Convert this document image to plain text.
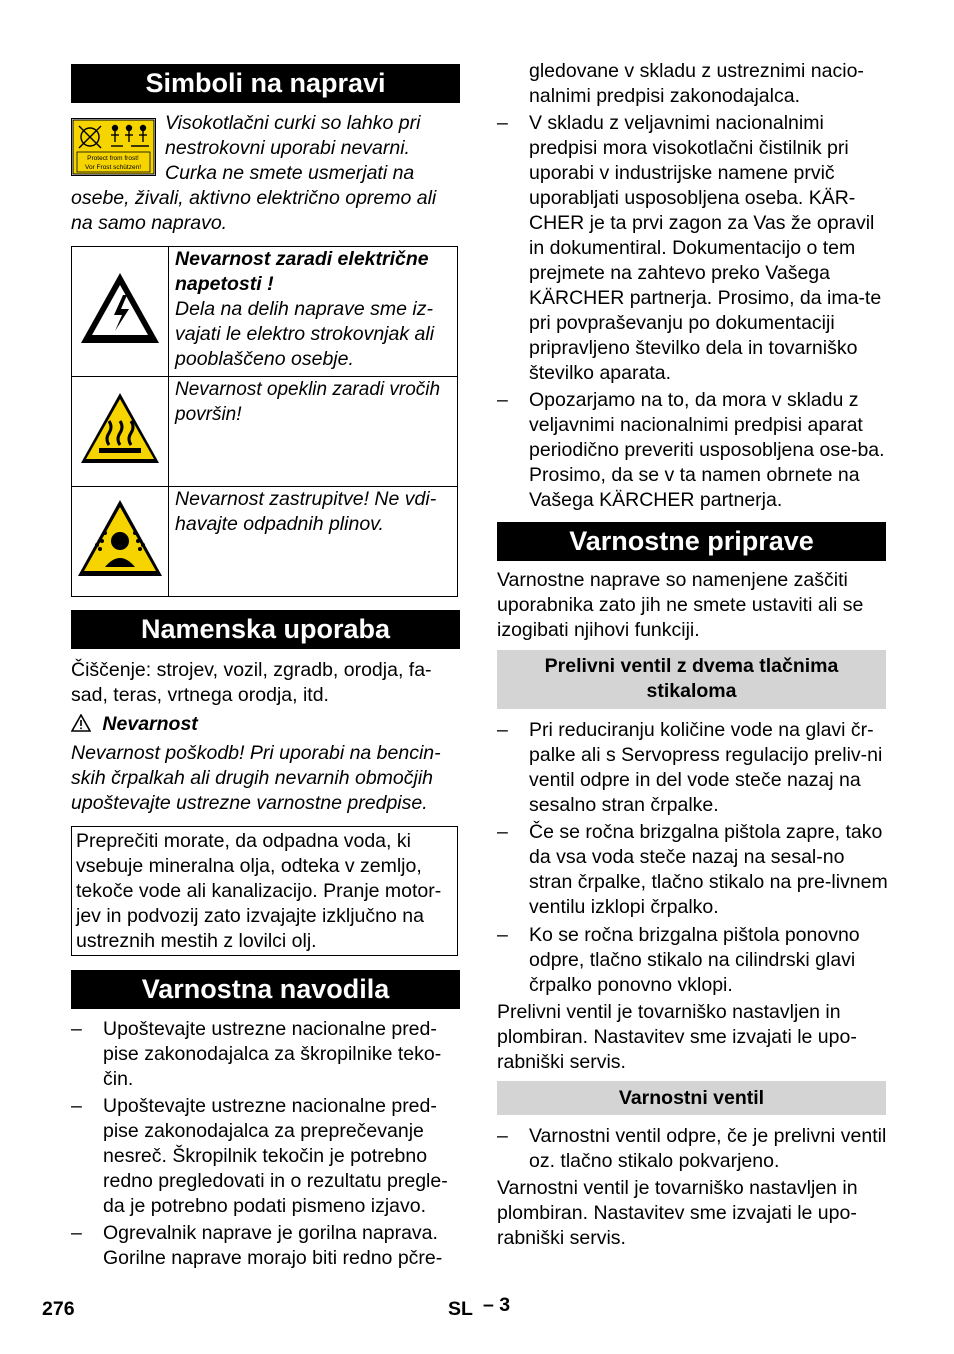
Simboli na napravi
Protect from frost!
Vor Frost schützen!
Visokotlačni curki so lahko pri
nestrokovni uporabi nevarni.
Curka ne smete usmerjati na
osebe, živali, aktivno električno opremo ali
na samo napravo.

Nevarnost zaradi električne napetosti !
Dela na delih naprave sme iz-vajati le elektro strokovnjak ali pooblaščeno osebje.

Nevarnost opeklin zaradi vročih površin!

Nevarnost zastrupitve! Ne vdi-havajte odpadnih plinov.
Namenska uporaba
Čiščenje: strojev, vozil, zgradb, orodja, fa-sad, teras, vrtnega orodja, itd.
Nevarnost
Nevarnost poškodb! Pri uporabi na bencin-skih črpalkah ali drugih nevarnih območjih upoštevajte ustrezne varnostne predpise.
Preprečiti morate, da odpadna voda, ki vsebuje mineralna olja, odteka v zemljo, tekoče vode ali kanalizacijo. Pranje motor-jev in podvozij zato izvajajte izključno na ustreznih mestih z lovilci olj.
Varnostna navodila
– Upoštevajte ustrezne nacionalne pred-pise zakonodajalca za škropilnike teko-čin.
– Upoštevajte ustrezne nacionalne pred-pise zakonodajalca za preprečevanje nesreč. Škropilnik tekočin je potrebno redno pregledovati in o rezultatu pregle-da je potrebno podati pismeno izjavo.
– Ogrevalnik naprave je gorilna naprava. Gorilne naprave morajo biti redno pčre-
gledovane v skladu z ustreznimi nacio-nalnimi predpisi zakonodajalca.
– V skladu z veljavnimi nacionalnimi predpisi mora visokotlačni čistilnik pri uporabi v industrijske namene prvič uporabljati usposobljena oseba. KÄR-CHER je ta prvi zagon za Vas že opravil in dokumentiral. Dokumentacijo o tem prejmete na zahtevo preko Vašega KÄRCHER partnerja. Prosimo, da ima-te pri povpraševanju po dokumentaciji pripravljeno številko dela in tovarniško številko aparata.
– Opozarjamo na to, da mora v skladu z veljavnimi nacionalnimi predpisi aparat periodično preveriti usposobljena ose-ba. Prosimo, da se v ta namen obrnete na Vašega KÄRCHER partnerja.
Varnostne priprave
Varnostne naprave so namenjene zaščiti uporabnika zato jih ne smete ustaviti ali se izogibati njihovi funkciji.
Prelivni ventil z dvema tlačnima stikaloma
– Pri reduciranju količine vode na glavi čr-palke ali s Servopress regulacijo preliv-ni ventil odpre in del vode steče nazaj na sesalno stran črpalke.
– Če se ročna brizgalna pištola zapre, tako da vsa voda steče nazaj na sesal-no stran črpalke, tlačno stikalo na pre-livnem ventilu izklopi črpalko.
– Ko se ročna brizgalna pištola ponovno odpre, tlačno stikalo na cilindrski glavi črpalko ponovno vklopi.
Prelivni ventil je tovarniško nastavljen in plombiran. Nastavitev sme izvajati le upo-rabniški servis.
Varnostni ventil
– Varnostni ventil odpre, če je prelivni ventil oz. tlačno stikalo pokvarjeno.
Varnostni ventil je tovarniško nastavljen in plombiran. Nastavitev sme izvajati le upo-rabniški servis.
276	SL – 3
